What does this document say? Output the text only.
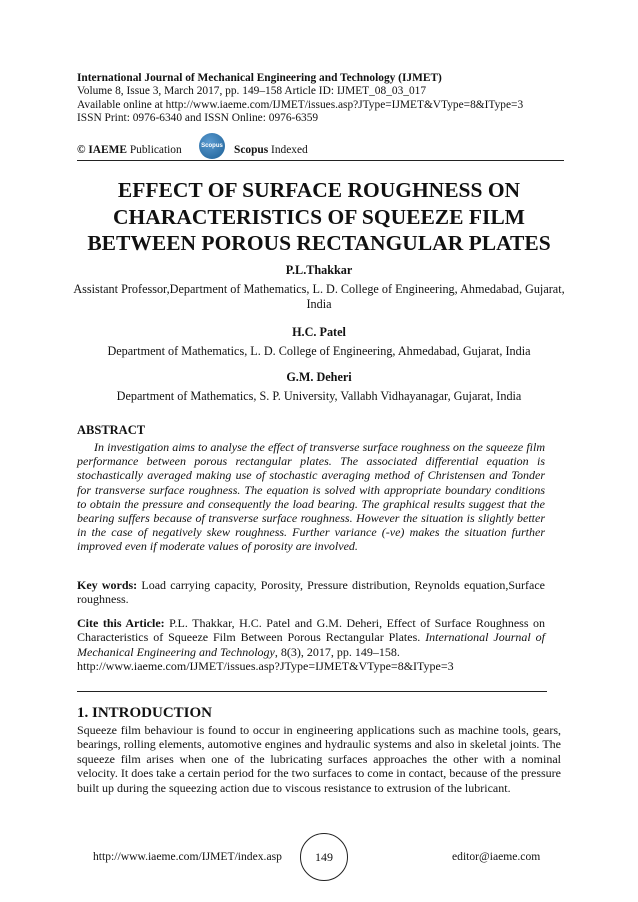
International Journal of Mechanical Engineering and Technology (IJMET)
Volume 8, Issue 3, March 2017, pp. 149–158 Article ID: IJMET_08_03_017
Available online at http://www.iaeme.com/IJMET/issues.asp?JType=IJMET&VType=8&IType=3
ISSN Print: 0976-6340 and ISSN Online: 0976-6359
© IAEME Publication	Scopus Scopus Indexed
EFFECT OF SURFACE ROUGHNESS ON
CHARACTERISTICS OF SQUEEZE FILM
BETWEEN POROUS RECTANGULAR PLATES
P.L.Thakkar
Assistant Professor,Department of Mathematics, L. D. College of Engineering, Ahmedabad, Gujarat, India
H.C. Patel
Department of Mathematics, L. D. College of Engineering, Ahmedabad, Gujarat, India
G.M. Deheri
Department of Mathematics, S. P. University, Vallabh Vidhayanagar, Gujarat, India
ABSTRACT
In investigation aims to analyse the effect of transverse surface roughness on the squeeze film performance between porous rectangular plates. The associated differential equation is stochastically averaged making use of stochastic averaging method of Christensen and Tonder for transverse surface roughness. The equation is solved with appropriate boundary conditions to obtain the pressure and consequently the load bearing. The graphical results suggest that the bearing suffers because of transverse surface roughness. However the situation is slightly better in the case of negatively skew roughness. Further variance (-ve) makes the situation further improved even if moderate values of porosity are involved.
Key words: Load carrying capacity, Porosity, Pressure distribution, Reynolds equation,Surface roughness.
Cite this Article: P.L. Thakkar, H.C. Patel and G.M. Deheri, Effect of Surface Roughness on Characteristics of Squeeze Film Between Porous Rectangular Plates. International Journal of Mechanical Engineering and Technology, 8(3), 2017, pp. 149–158.
http://www.iaeme.com/IJMET/issues.asp?JType=IJMET&VType=8&IType=3
1. INTRODUCTION
Squeeze film behaviour is found to occur in engineering applications such as machine tools, gears, bearings, rolling elements, automotive engines and hydraulic systems and also in skeletal joints. The squeeze film arises when one of the lubricating surfaces approaches the other with a nominal velocity. It does take a certain period for the two surfaces to come in contact, because of the pressure built up during the squeezing action due to viscous resistance to extrusion of the lubricant.
http://www.iaeme.com/IJMET/index.asp	149	editor@iaeme.com
